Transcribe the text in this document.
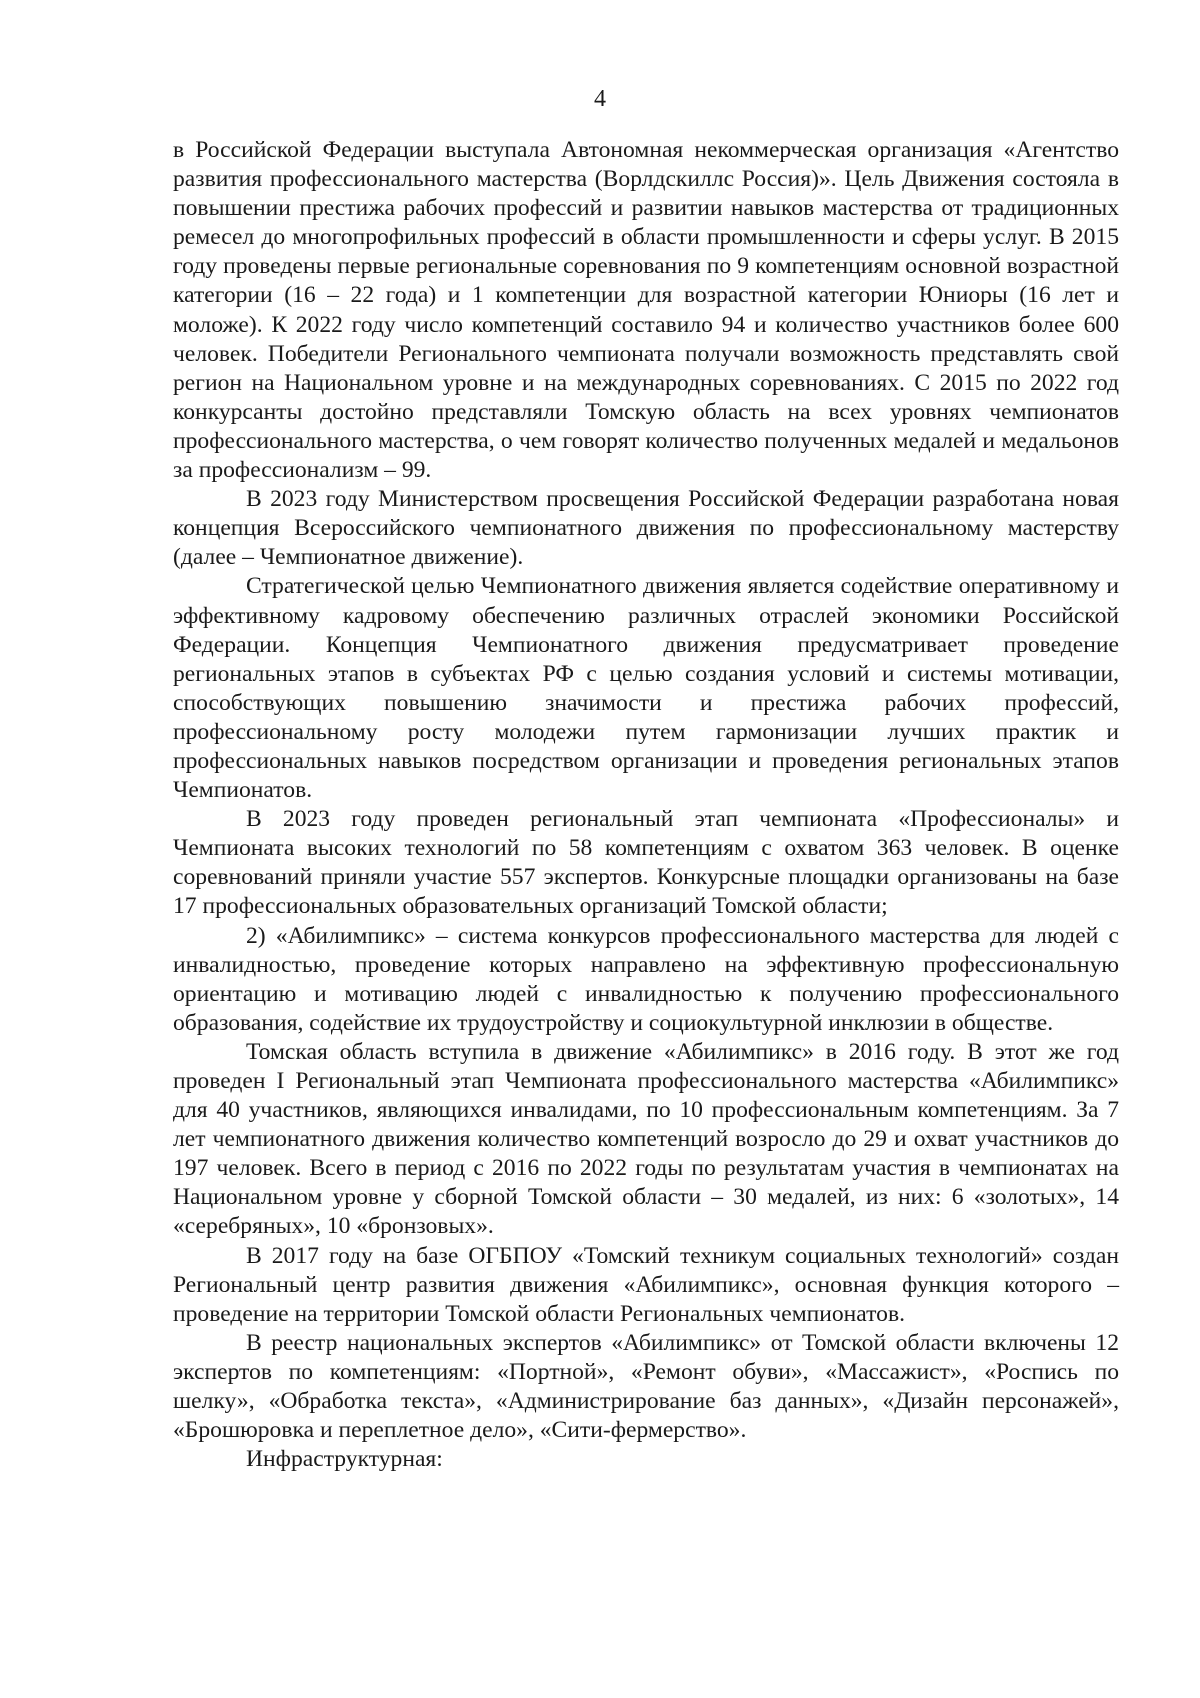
4

в Российской Федерации выступала Автономная некоммерческая организация «Агентство развития профессионального мастерства (Ворлдскиллс Россия)». Цель Движения состояла в повышении престижа рабочих профессий и развитии навыков мастерства от традиционных ремесел до многопрофильных профессий в области промышленности и сферы услуг. В 2015 году проведены первые региональные соревнования по 9 компетенциям основной возрастной категории (16 – 22 года) и 1 компетенции для возрастной категории Юниоры (16 лет и моложе). К 2022 году число компетенций составило 94 и количество участников более 600 человек. Победители Регионального чемпионата получали возможность представлять свой регион на Национальном уровне и на международных соревнованиях. С 2015 по 2022 год конкурсанты достойно представляли Томскую область на всех уровнях чемпионатов профессионального мастерства, о чем говорят количество полученных медалей и медальонов за профессионализм – 99.

В 2023 году Министерством просвещения Российской Федерации разработана новая концепция Всероссийского чемпионатного движения по профессиональному мастерству (далее – Чемпионатное движение).

Стратегической целью Чемпионатного движения является содействие оперативному и эффективному кадровому обеспечению различных отраслей экономики Российской Федерации. Концепция Чемпионатного движения предусматривает проведение региональных этапов в субъектах РФ с целью создания условий и системы мотивации, способствующих повышению значимости и престижа рабочих профессий, профессиональному росту молодежи путем гармонизации лучших практик и профессиональных навыков посредством организации и проведения региональных этапов Чемпионатов.

В 2023 году проведен региональный этап чемпионата «Профессионалы» и Чемпионата высоких технологий по 58 компетенциям с охватом 363 человек. В оценке соревнований приняли участие 557 экспертов. Конкурсные площадки организованы на базе 17 профессиональных образовательных организаций Томской области;

2) «Абилимпикс» – система конкурсов профессионального мастерства для людей с инвалидностью, проведение которых направлено на эффективную профессиональную ориентацию и мотивацию людей с инвалидностью к получению профессионального образования, содействие их трудоустройству и социокультурной инклюзии в обществе.

Томская область вступила в движение «Абилимпикс» в 2016 году. В этот же год проведен I Региональный этап Чемпионата профессионального мастерства «Абилимпикс» для 40 участников, являющихся инвалидами, по 10 профессиональным компетенциям. За 7 лет чемпионатного движения количество компетенций возросло до 29 и охват участников до 197 человек. Всего в период с 2016 по 2022 годы по результатам участия в чемпионатах на Национальном уровне у сборной Томской области – 30 медалей, из них: 6 «золотых», 14 «серебряных», 10 «бронзовых».

В 2017 году на базе ОГБПОУ «Томский техникум социальных технологий» создан Региональный центр развития движения «Абилимпикс», основная функция которого – проведение на территории Томской области Региональных чемпионатов.

В реестр национальных экспертов «Абилимпикс» от Томской области включены 12 экспертов по компетенциям: «Портной», «Ремонт обуви», «Массажист», «Роспись по шелку», «Обработка текста», «Администрирование баз данных», «Дизайн персонажей», «Брошюровка и переплетное дело», «Сити-фермерство».

Инфраструктурная:
